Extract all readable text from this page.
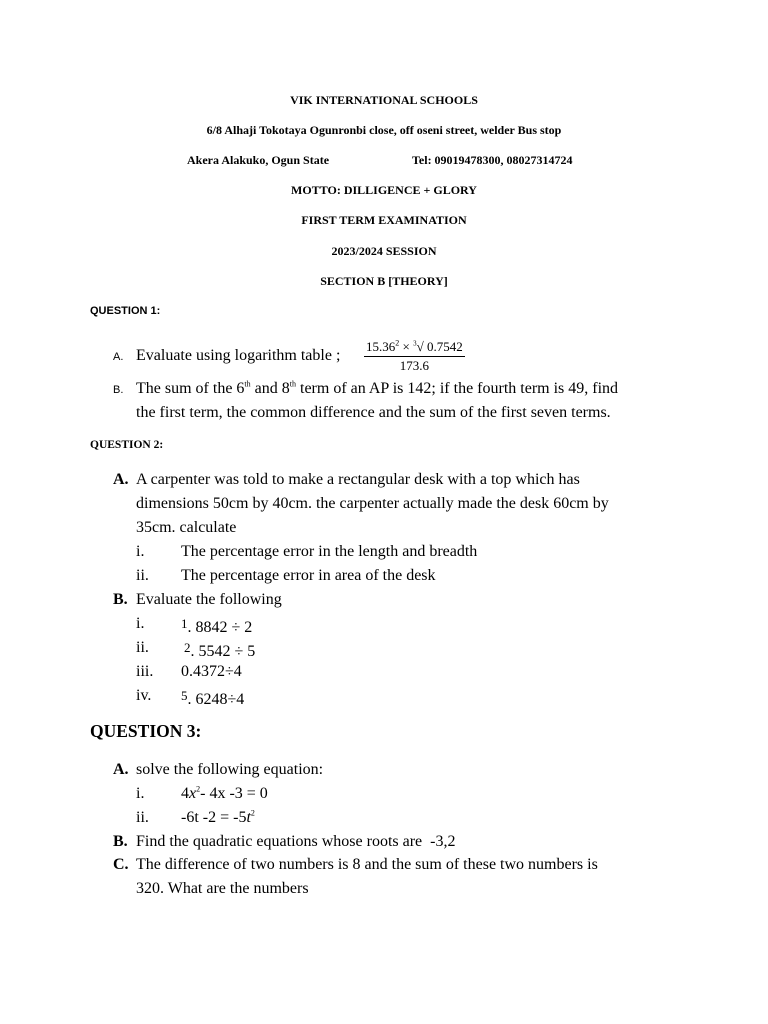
VIK INTERNATIONAL SCHOOLS
6/8 Alhaji Tokotaya Ogunronbi close, off oseni street, welder Bus stop
Akera Alakuko, Ogun State	Tel: 09019478300, 08027314724
MOTTO: DILLIGENCE + GLORY
FIRST TERM EXAMINATION
2023/2024 SESSION
SECTION B [THEORY]
QUESTION 1:
A. Evaluate using logarithm table ; $\frac{15.36^2 \times ^3√ 0.7542}{173.6}$
B. The sum of the 6th and 8th term of an AP is 142; if the fourth term is 49, find
the first term, the common difference and the sum of the first seven terms.
QUESTION 2:
A. A carpenter was told to make a rectangular desk with a top which has
dimensions 50cm by 40cm. the carpenter actually made the desk 60cm by
35cm. calculate
i. The percentage error in the length and breadth
ii. The percentage error in area of the desk
B. Evaluate the following
i.	1. 8842 ÷ 2
ii.	2. 5542 ÷ 5
iii. 0.4372÷4
iv. 5. 6248÷4
QUESTION 3:
A. solve the following equation:
i. $4x^2-$ 4x -3 = 0
ii. -6t $-2 = -5t^2$
B. Find the quadratic equations whose roots are  -3,2
C. The difference of two numbers is 8 and the sum of these two numbers is
320. What are the numbers
